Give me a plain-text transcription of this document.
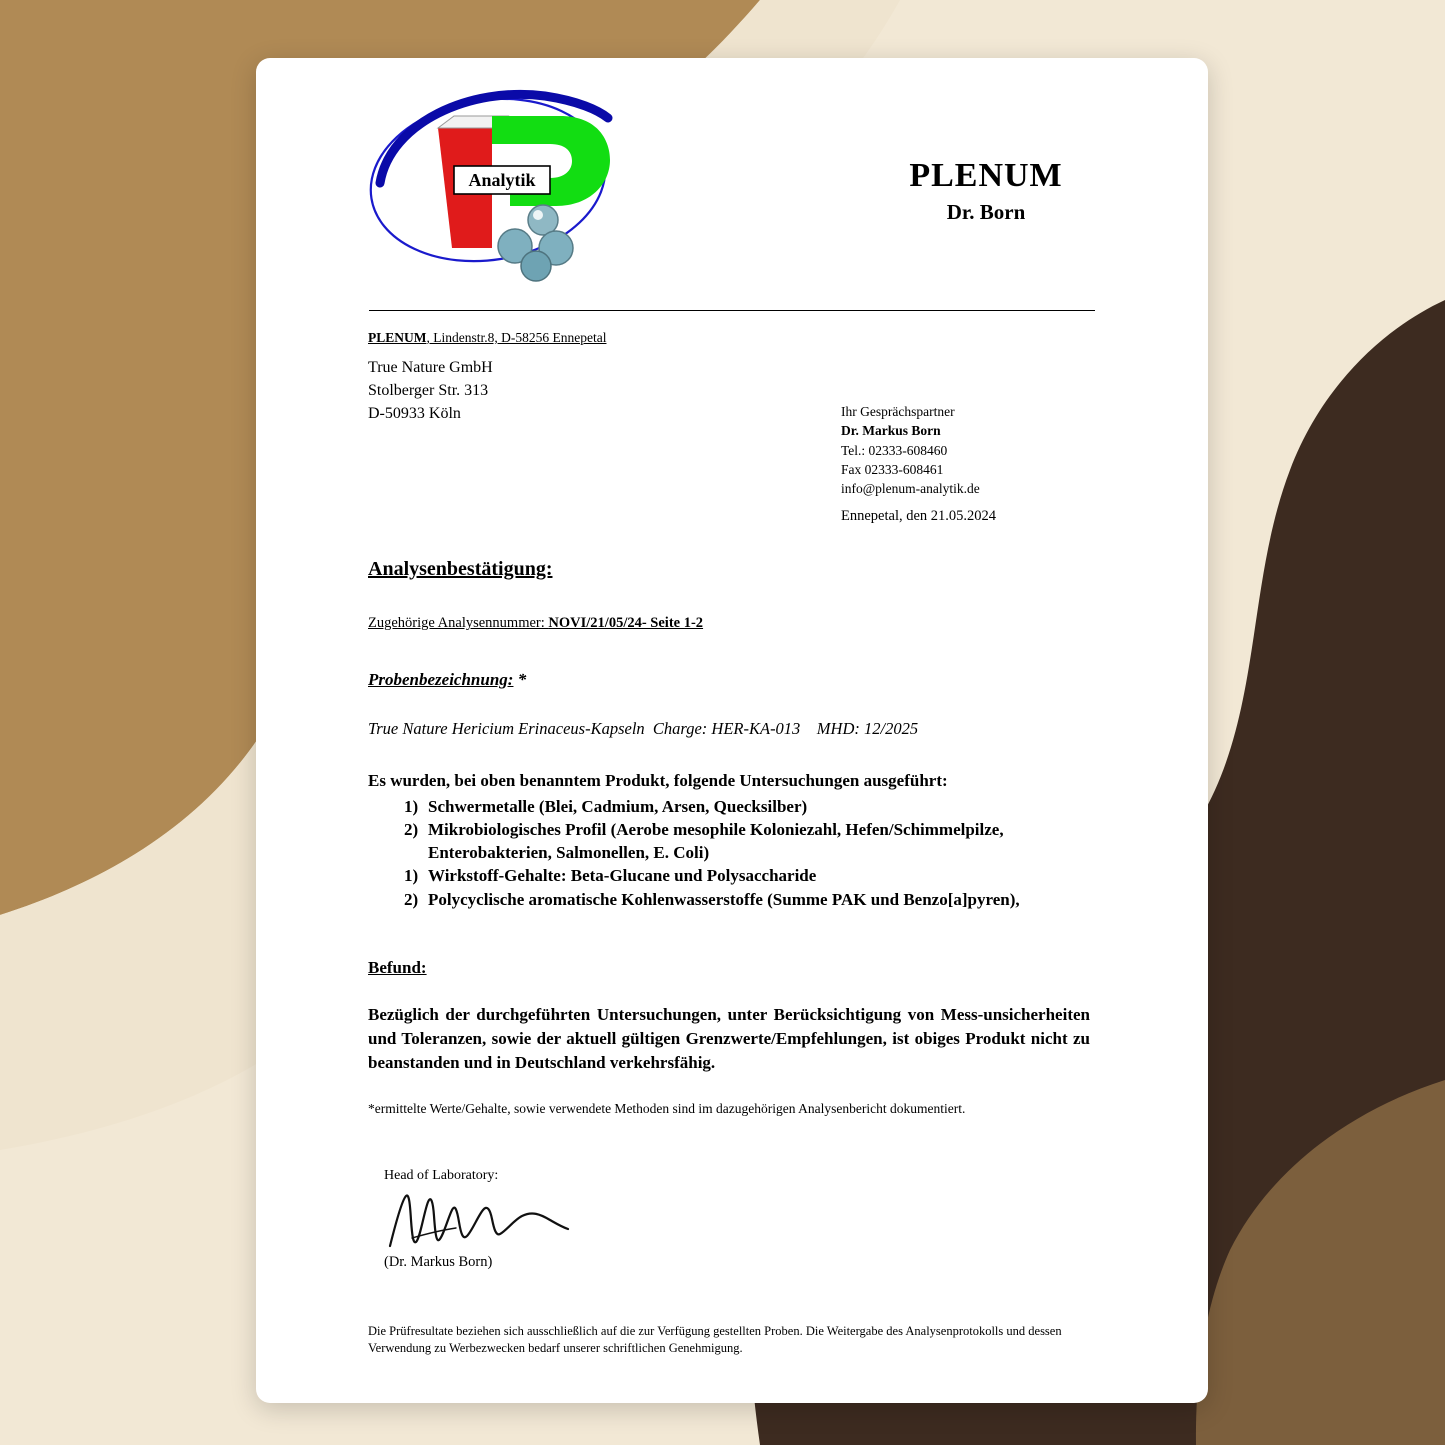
Analytik	PLENUM
Dr. Born
PLENUM, Lindenstr.8, D-58256 Ennepetal
True Nature GmbH
Stolberger Str. 313
D-50933 Köln	Ihr Gesprächspartner
Dr. Markus Born
Tel.: 02333-608460
Fax 02333-608461
info@plenum-analytik.de
Ennepetal, den 21.05.2024
Analysenbestätigung:
Zugehörige Analysennummer: NOVI/21/05/24- Seite 1-2
Probenbezeichnung: *
True Nature Hericium Erinaceus-Kapseln  Charge: HER-KA-013    MHD: 12/2025
Es wurden, bei oben benanntem Produkt, folgende Untersuchungen ausgeführt:
1) Schwermetalle (Blei, Cadmium, Arsen, Quecksilber)
2) Mikrobiologisches Profil (Aerobe mesophile Koloniezahl, Hefen/Schimmelpilze, Enterobakterien, Salmonellen, E. Coli)
1) Wirkstoff-Gehalte: Beta-Glucane und Polysaccharide
2) Polycyclische aromatische Kohlenwasserstoffe (Summe PAK und Benzo[a]pyren),
Befund:
Bezüglich der durchgeführten Untersuchungen, unter Berücksichtigung von Mess-unsicherheiten und Toleranzen, sowie der aktuell gültigen Grenzwerte/Empfehlungen, ist obiges Produkt nicht zu beanstanden und in Deutschland verkehrsfähig.
*ermittelte Werte/Gehalte, sowie verwendete Methoden sind im dazugehörigen Analysenbericht dokumentiert.
Head of Laboratory:
(Dr. Markus Born)
Die Prüfresultate beziehen sich ausschließlich auf die zur Verfügung gestellten Proben. Die Weitergabe des Analysenprotokolls und dessen Verwendung zu Werbezwecken bedarf unserer schriftlichen Genehmigung.
